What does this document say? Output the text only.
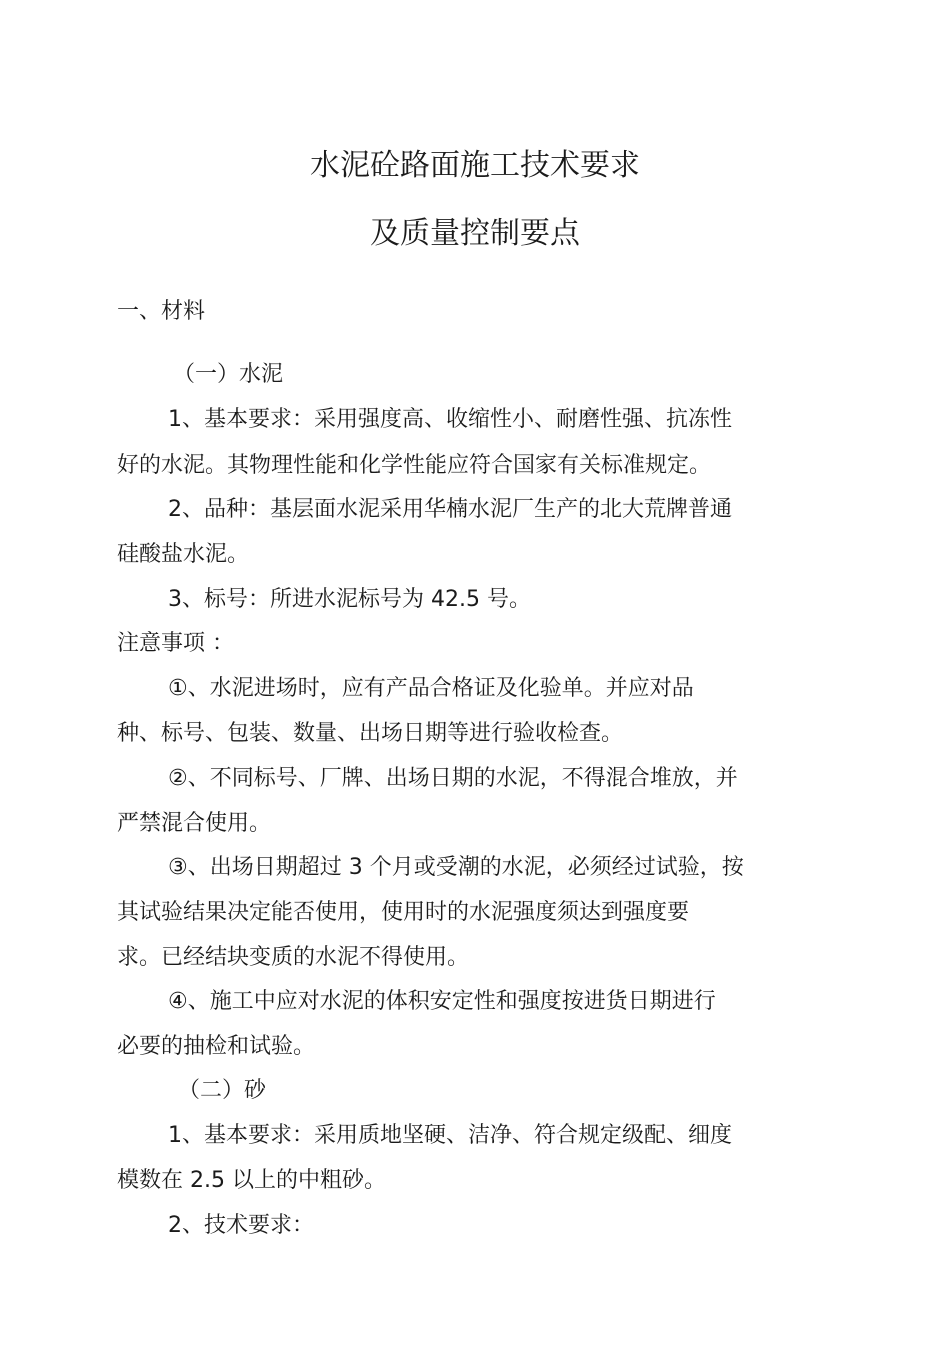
水泥砼路面施工技术要求
及质量控制要点
一、材料
（一）水泥
1、基本要求：采用强度高、收缩性小、耐磨性强、抗冻性
好的水泥。其物理性能和化学性能应符合国家有关标准规定。
2、品种：基层面水泥采用华楠水泥厂生产的北大荒牌普通
硅酸盐水泥。
3、标号：所进水泥标号为 42.5 号。
注意事项 ：
①、水泥进场时，应有产品合格证及化验单。并应对品
种、标号、包装、数量、出场日期等进行验收检查。
②、不同标号、厂牌、出场日期的水泥，不得混合堆放，并
严禁混合使用。
③、出场日期超过 3 个月或受潮的水泥，必须经过试验，按
其试验结果决定能否使用，使用时的水泥强度须达到强度要
求。已经结块变质的水泥不得使用。
④、施工中应对水泥的体积安定性和强度按进货日期进行
必要的抽检和试验。
（二）砂
1、基本要求：采用质地坚硬、洁净、符合规定级配、细度
模数在 2.5 以上的中粗砂。
2、技术要求：
